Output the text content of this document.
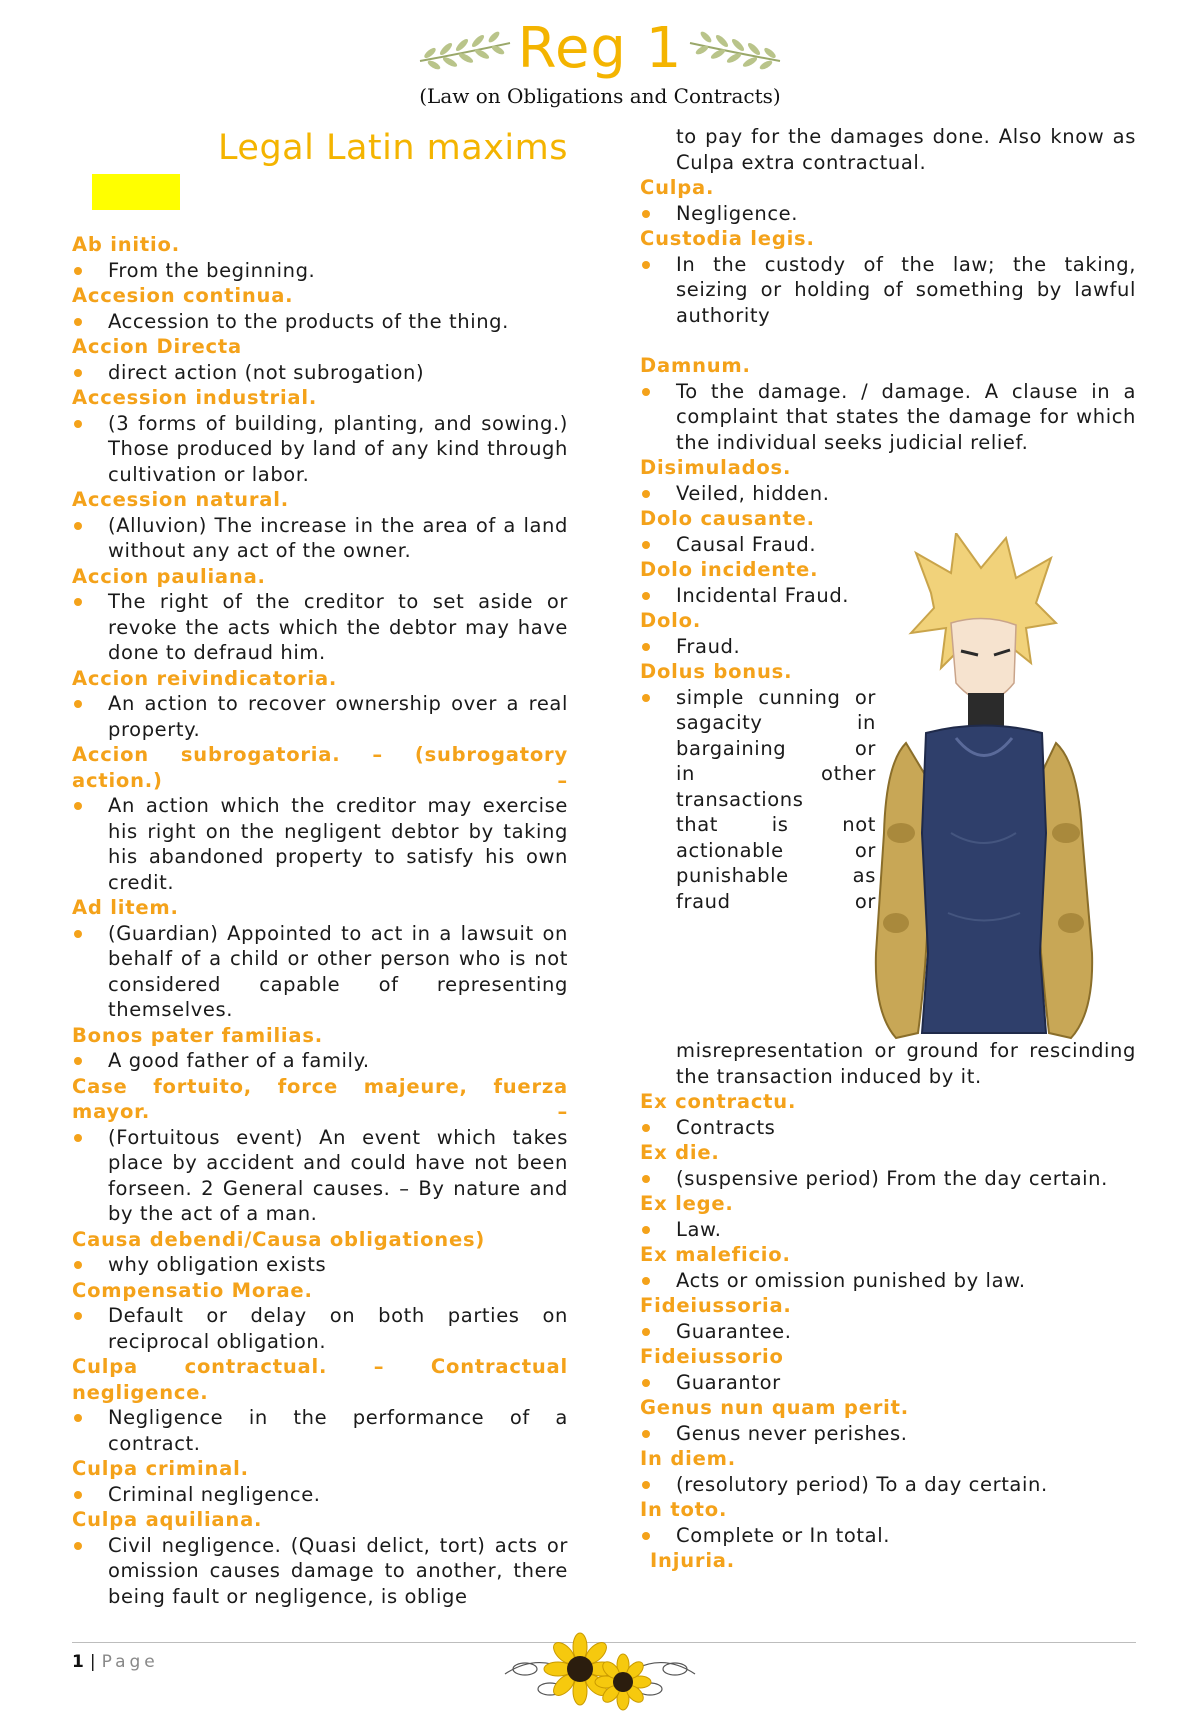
Reg 1
(Law on Obligations and Contracts)
Legal Latin maxims
Ab initio.
From the beginning.
Accesion continua.
Accession to the products of the thing.
Accion Directa
direct action (not subrogation)
Accession industrial.
(3 forms of building, planting, and sowing.) Those produced by land of any kind through cultivation or labor.
Accession natural.
(Alluvion) The increase in the area of a land without any act of the owner.
Accion pauliana.
The right of the creditor to set aside or revoke the acts which the debtor may have done to defraud him.
Accion reivindicatoria.
An action to recover ownership over a real property.
Accion subrogatoria. – (subrogatory action.) –
An action which the creditor may exercise his right on the negligent debtor by taking his abandoned property to satisfy his own credit.
Ad litem.
(Guardian) Appointed to act in a lawsuit on behalf of a child or other person who is not considered capable of representing themselves.
Bonos pater familias.
A good father of a family.
Case fortuito, force majeure, fuerza mayor. –
(Fortuitous event) An event which takes place by accident and could have not been forseen. 2 General causes. – By nature and by the act of a man.
Causa debendi/Causa obligationes)
why obligation exists
Compensatio Morae.
Default or delay on both parties on reciprocal obligation.
Culpa contractual. – Contractual negligence.
Negligence in the performance of a contract.
Culpa criminal.
Criminal negligence.
Culpa aquiliana.
Civil negligence. (Quasi delict, tort) acts or omission causes damage to another, there being fault or negligence, is oblige
to pay for the damages done. Also know as Culpa extra contractual.
Culpa.
Negligence.
Custodia legis.
In the custody of the law; the taking, seizing or holding of something by lawful authority
Damnum.
To the damage. / damage. A clause in a complaint that states the damage for which the individual seeks judicial relief.
Disimulados.
Veiled, hidden.
Dolo causante.
Causal Fraud.
Dolo incidente.
Incidental Fraud.
Dolo.
Fraud.
Dolus bonus.
simple cunning or
sagacity in
bargaining or
in other
transactions
that is not
actionable or
punishable as
fraud or
misrepresentation or ground for rescinding the transaction induced by it.
Ex contractu.
Contracts
Ex die.
(suspensive period) From the day certain.
Ex lege.
Law.
Ex maleficio.
Acts or omission punished by law.
Fideiussoria.
Guarantee.
Fideiussorio
Guarantor
Genus nun quam perit.
Genus never perishes.
In diem.
(resolutory period) To a day certain.
In toto.
Complete or In total.
Injuria.
1 | Page
